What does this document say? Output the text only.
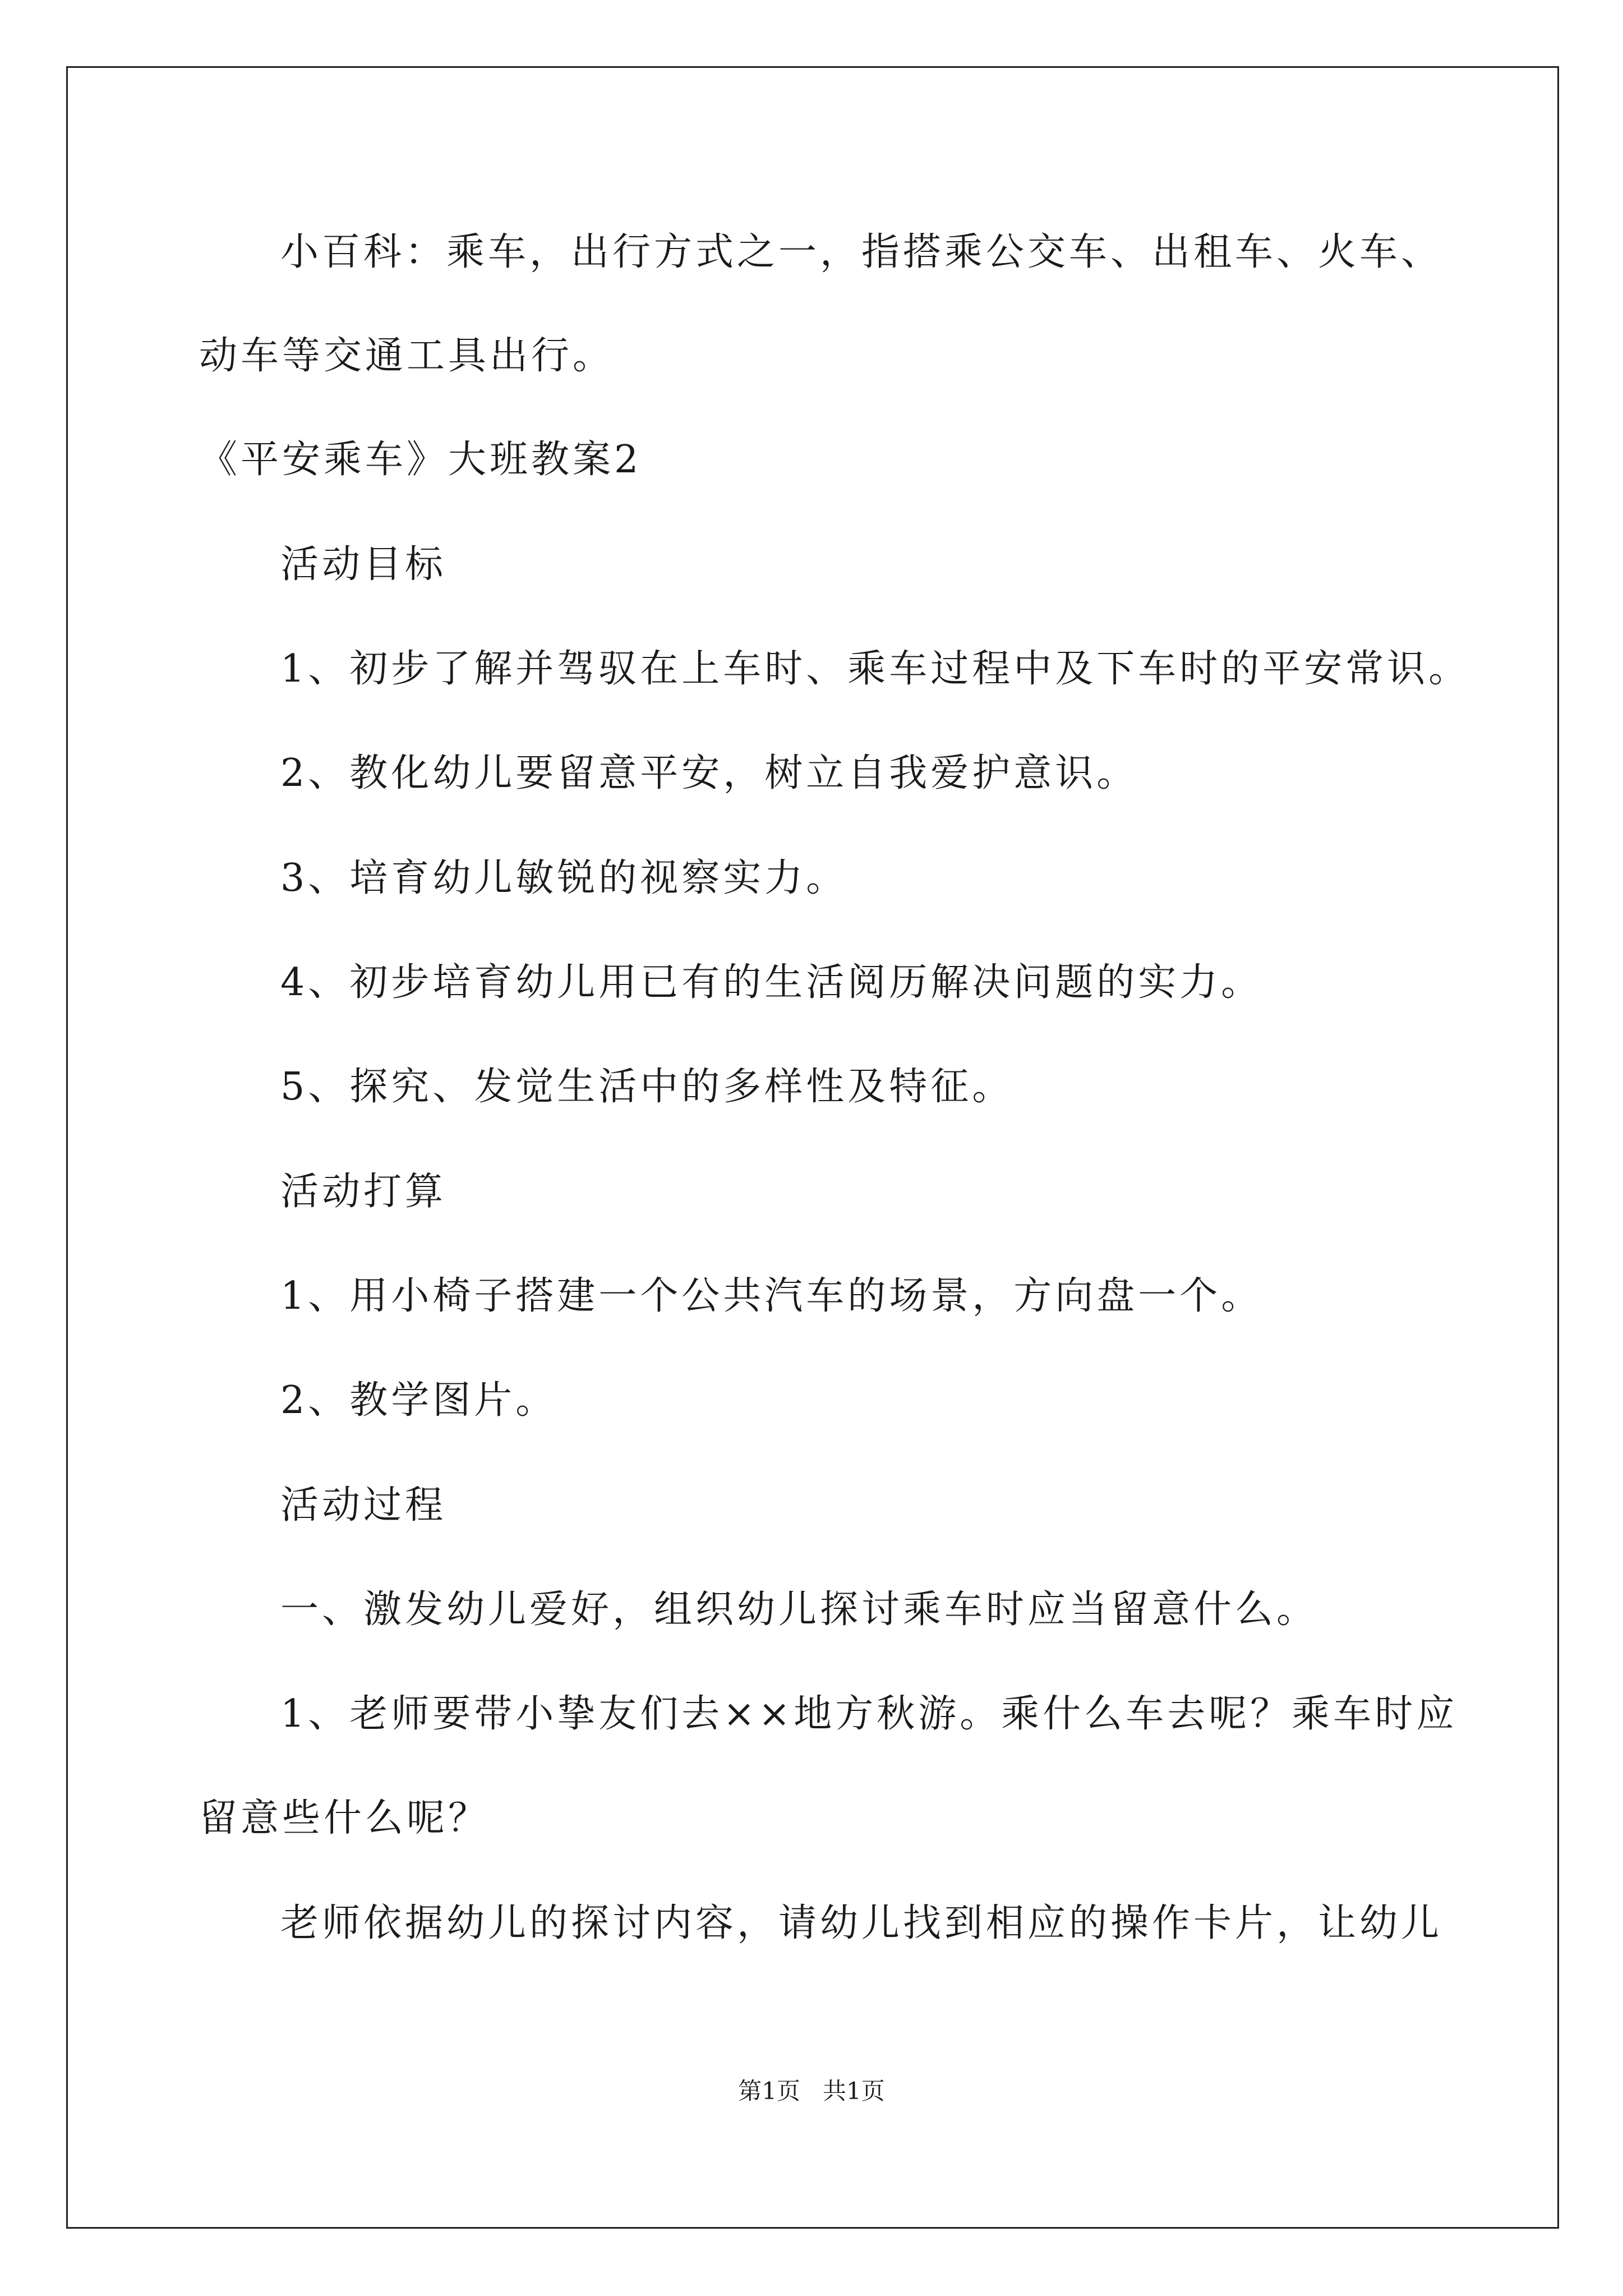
小百科：乘车，出行方式之一，指搭乘公交车、出租车、火车、
动车等交通工具出行。
《平安乘车》大班教案2
活动目标
1、初步了解并驾驭在上车时、乘车过程中及下车时的平安常识。
2、教化幼儿要留意平安，树立自我爱护意识。
3、培育幼儿敏锐的视察实力。
4、初步培育幼儿用已有的生活阅历解决问题的实力。
5、探究、发觉生活中的多样性及特征。
活动打算
1、用小椅子搭建一个公共汽车的场景，方向盘一个。
2、教学图片。
活动过程
一、激发幼儿爱好，组织幼儿探讨乘车时应当留意什么。
1、老师要带小挚友们去××地方秋游。乘什么车去呢？乘车时应
留意些什么呢？
老师依据幼儿的探讨内容，请幼儿找到相应的操作卡片，让幼儿
第1页   共1页
